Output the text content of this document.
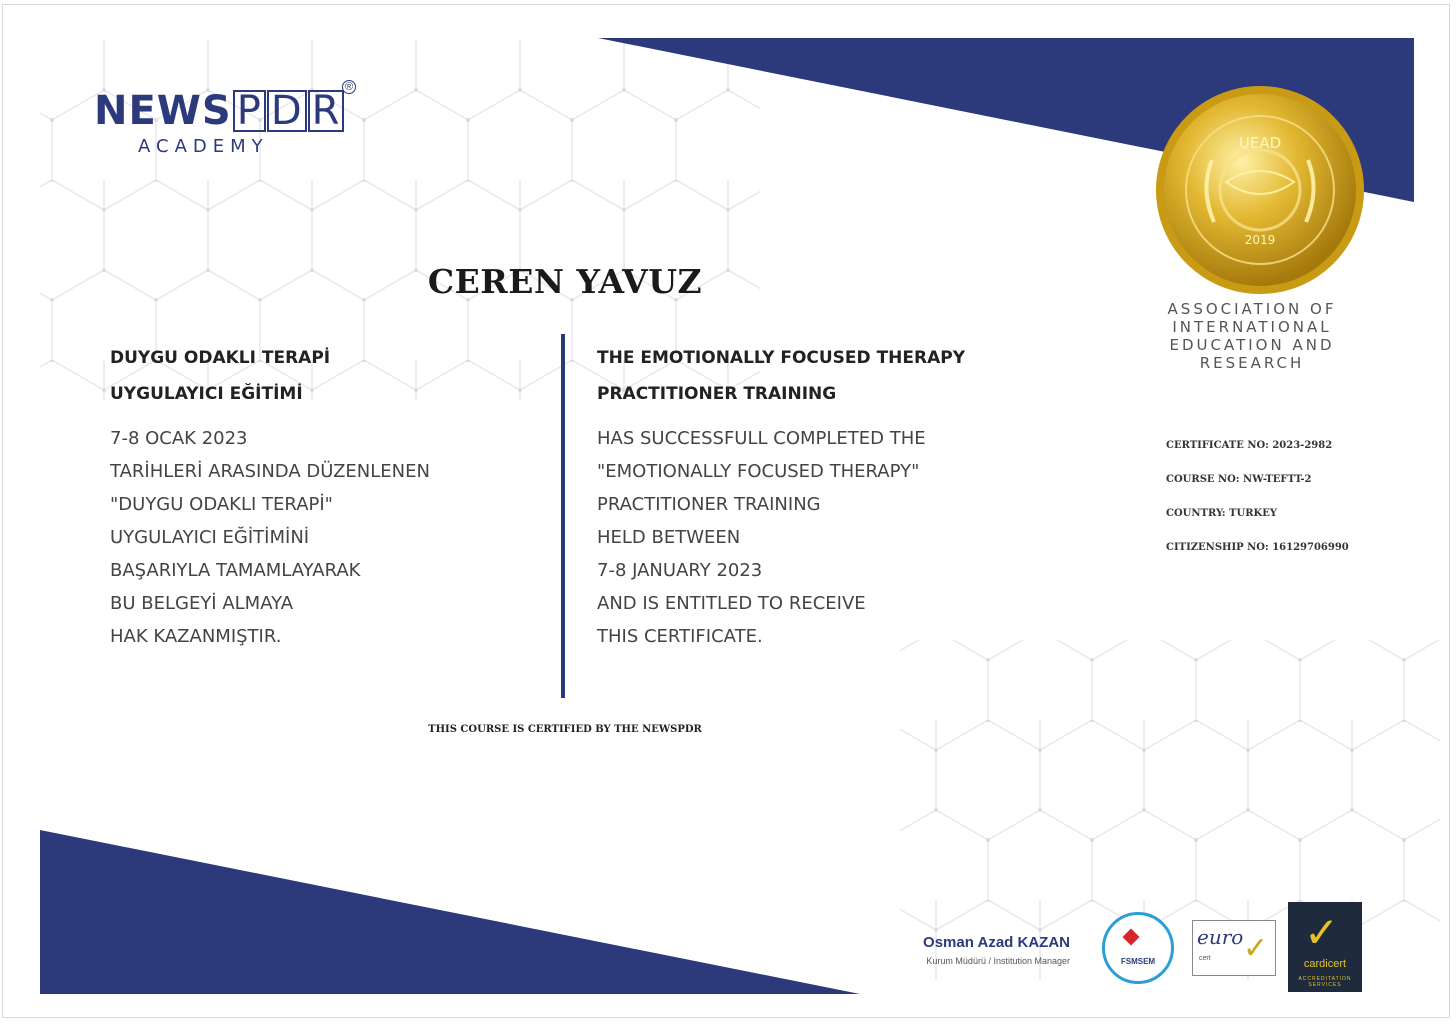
UEAD
2019
NEWS P D R
®
ACADEMY
CEREN YAVUZ
DUYGU ODAKLI TERAPİ
UYGULAYICI EĞİTİMİ
7-8 OCAK 2023
TARİHLERİ ARASINDA DÜZENLENEN
"DUYGU ODAKLI TERAPİ"
UYGULAYICI EĞİTİMİNİ
BAŞARIYLA TAMAMLAYARAK
BU BELGEYİ ALMAYA
HAK KAZANMIŞTIR.
THE EMOTIONALLY FOCUSED THERAPY
PRACTITIONER TRAINING
HAS SUCCESSFULL COMPLETED THE
"EMOTIONALLY FOCUSED THERAPY"
PRACTITIONER TRAINING
HELD BETWEEN
7-8 JANUARY 2023
AND IS ENTITLED TO RECEIVE
THIS CERTIFICATE.
ASSOCIATION OF
INTERNATIONAL
EDUCATION AND
RESEARCH
CERTIFICATE NO: 2023-2982
COURSE NO: NW-TEFTT-2
COUNTRY: TURKEY
CITIZENSHIP NO: 16129706990
THIS COURSE IS CERTIFIED BY THE NEWSPDR
Osman Azad KAZAN
Kurum Müdürü / Institution Manager	FSMSEM
euro
cert ✓ ✓
cardicert
ACCREDITATION SERVICES
